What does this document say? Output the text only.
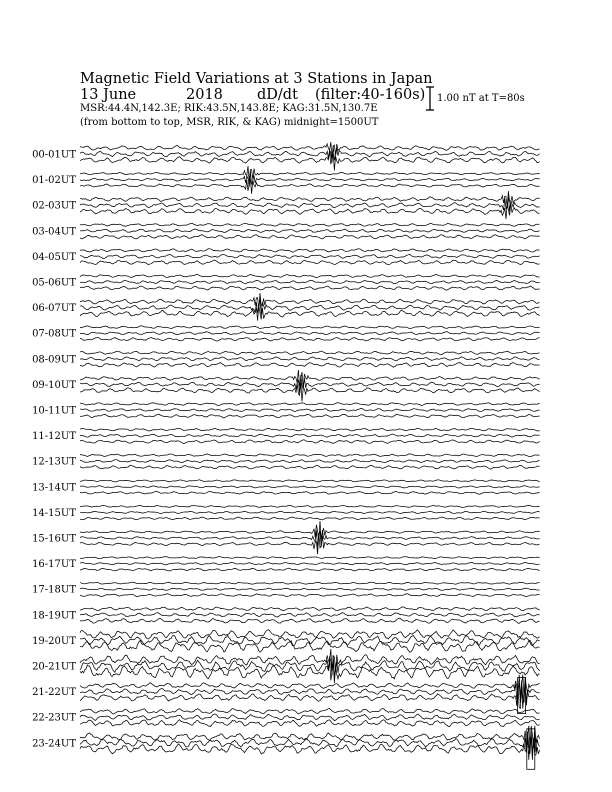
Magnetic Field Variations at 3 Stations in Japan
13 June	2018 dD/dt (filter:40-160s)
MSR:44.4N,142.3E; RIK:43.5N,143.8E; KAG:31.5N,130.7E
(from bottom to top, MSR, RIK, & KAG) midnight=1500UT
1.00 nT at T=80s
00-01UT
01-02UT
02-03UT
03-04UT
04-05UT
05-06UT
06-07UT
07-08UT
08-09UT
09-10UT
10-11UT
11-12UT
12-13UT
13-14UT
14-15UT
15-16UT
16-17UT
17-18UT
18-19UT
19-20UT
20-21UT
21-22UT
22-23UT
23-24UT
